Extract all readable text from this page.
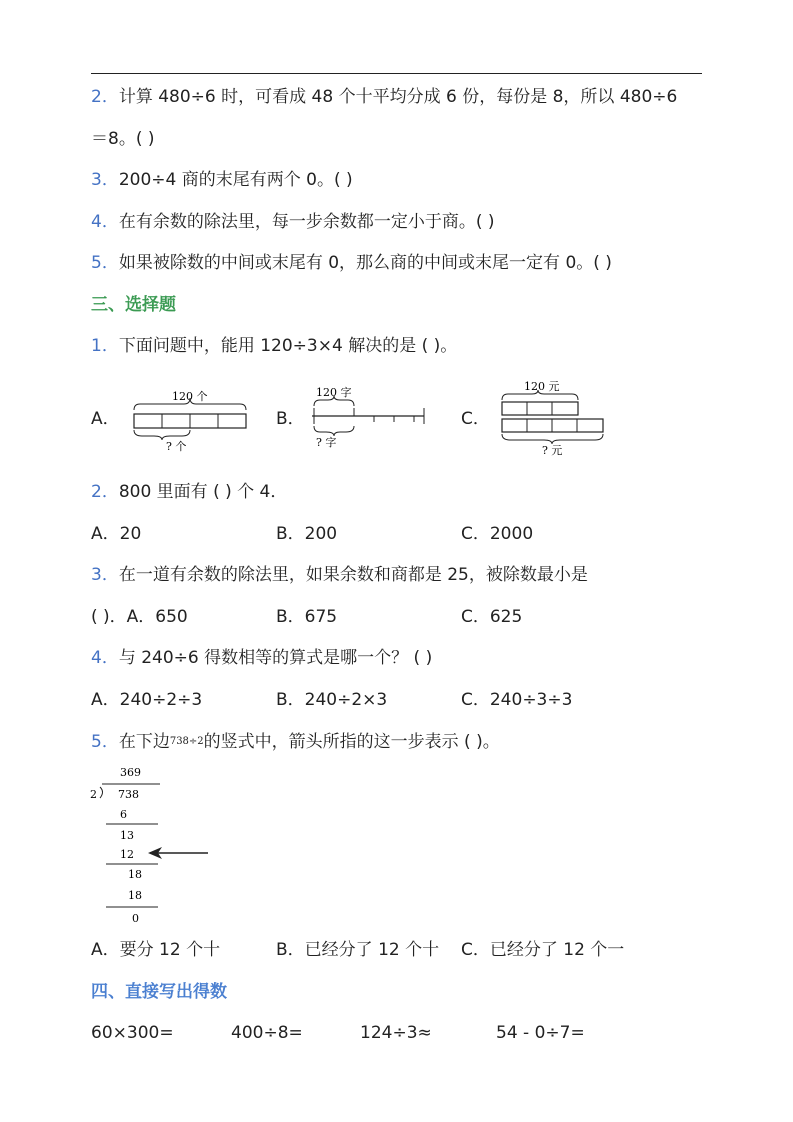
2．计算 480÷6 时，可看成 48 个十平均分成 6 份，每份是 8，所以 480÷6
＝8。( )
3．200÷4 商的末尾有两个 0。( )
4．在有余数的除法里，每一步余数都一定小于商。( )
5．如果被除数的中间或末尾有 0，那么商的中间或末尾一定有 0。( )
三、选择题
1．下面问题中，能用 120÷3×4 解决的是 ( )。
A．
120 个
? 个
B．
120 字
? 字
C．
120 元
? 元
2．800 里面有 ( ) 个 4．
A．20	B．200	C．2000
3．在一道有余数的除法里，如果余数和商都是 25，被除数最小是
( )．A．650	B．675	C．625
4．与 240÷6 得数相等的算式是哪一个？ ( )
A．240÷2÷3	B．240÷2×3	C．240÷3÷3
5．在下边738÷2的竖式中，箭头所指的这一步表示 ( )。
369
2 738
6
13
12
18
18
0
A．要分 12 个十	B．已经分了 12 个十 C．已经分了 12 个一
四、直接写出得数
60×300=	400÷8=	124÷3≈	54 - 0÷7=
